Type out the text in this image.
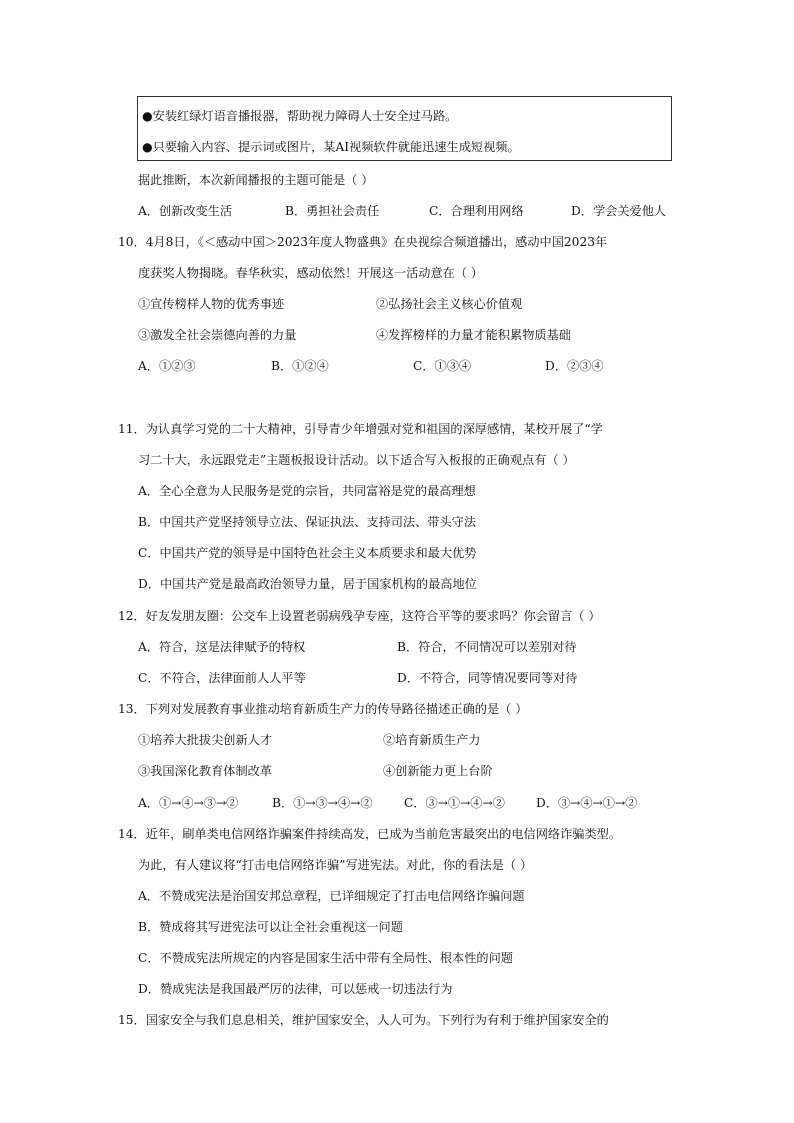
●安装红绿灯语音播报器，帮助视力障碍人士安全过马路。
●只要输入内容、提示词或图片，某AI视频软件就能迅速生成短视频。
据此推断，本次新闻播报的主题可能是（ ）
A．创新改变生活	B．勇担社会责任	C．合理利用网络	D．学会关爱他人
10．4月8日，《＜感动中国＞2023年度人物盛典》在央视综合频道播出，感动中国2023年
度获奖人物揭晓。春华秋实，感动依然！开展这一活动意在（ ）
①宣传榜样人物的优秀事迹	②弘扬社会主义核心价值观
③激发全社会崇德向善的力量	④发挥榜样的力量才能积累物质基础
A．①②③	B．①②④	C．①③④	D．②③④
11．为认真学习党的二十大精神，引导青少年增强对党和祖国的深厚感情，某校开展了“学
习二十大，永远跟党走”主题板报设计活动。以下适合写入板报的正确观点有（ ）
A．全心全意为人民服务是党的宗旨，共同富裕是党的最高理想
B．中国共产党坚持领导立法、保证执法、支持司法、带头守法
C．中国共产党的领导是中国特色社会主义本质要求和最大优势
D．中国共产党是最高政治领导力量，居于国家机构的最高地位
12．好友发朋友圈：公交车上设置老弱病残孕专座，这符合平等的要求吗？你会留言（ ）
A．符合，这是法律赋予的特权	B．符合，不同情况可以差别对待
C．不符合，法律面前人人平等	D．不符合，同等情况要同等对待
13．下列对发展教育事业推动培育新质生产力的传导路径描述正确的是（ ）
①培养大批拔尖创新人才	②培育新质生产力
③我国深化教育体制改革	④创新能力更上台阶
A．①→④→③→②	B．①→③→④→②	C．③→①→④→②	D．③→④→①→②
14．近年，刷单类电信网络诈骗案件持续高发，已成为当前危害最突出的电信网络诈骗类型。
为此，有人建议将“打击电信网络诈骗”写进宪法。对此，你的看法是（ ）
A．不赞成宪法是治国安邦总章程，已详细规定了打击电信网络诈骗问题
B．赞成将其写进宪法可以让全社会重视这一问题
C．不赞成宪法所规定的内容是国家生活中带有全局性、根本性的问题
D．赞成宪法是我国最严厉的法律，可以惩戒一切违法行为
15．国家安全与我们息息相关，维护国家安全，人人可为。下列行为有利于维护国家安全的
